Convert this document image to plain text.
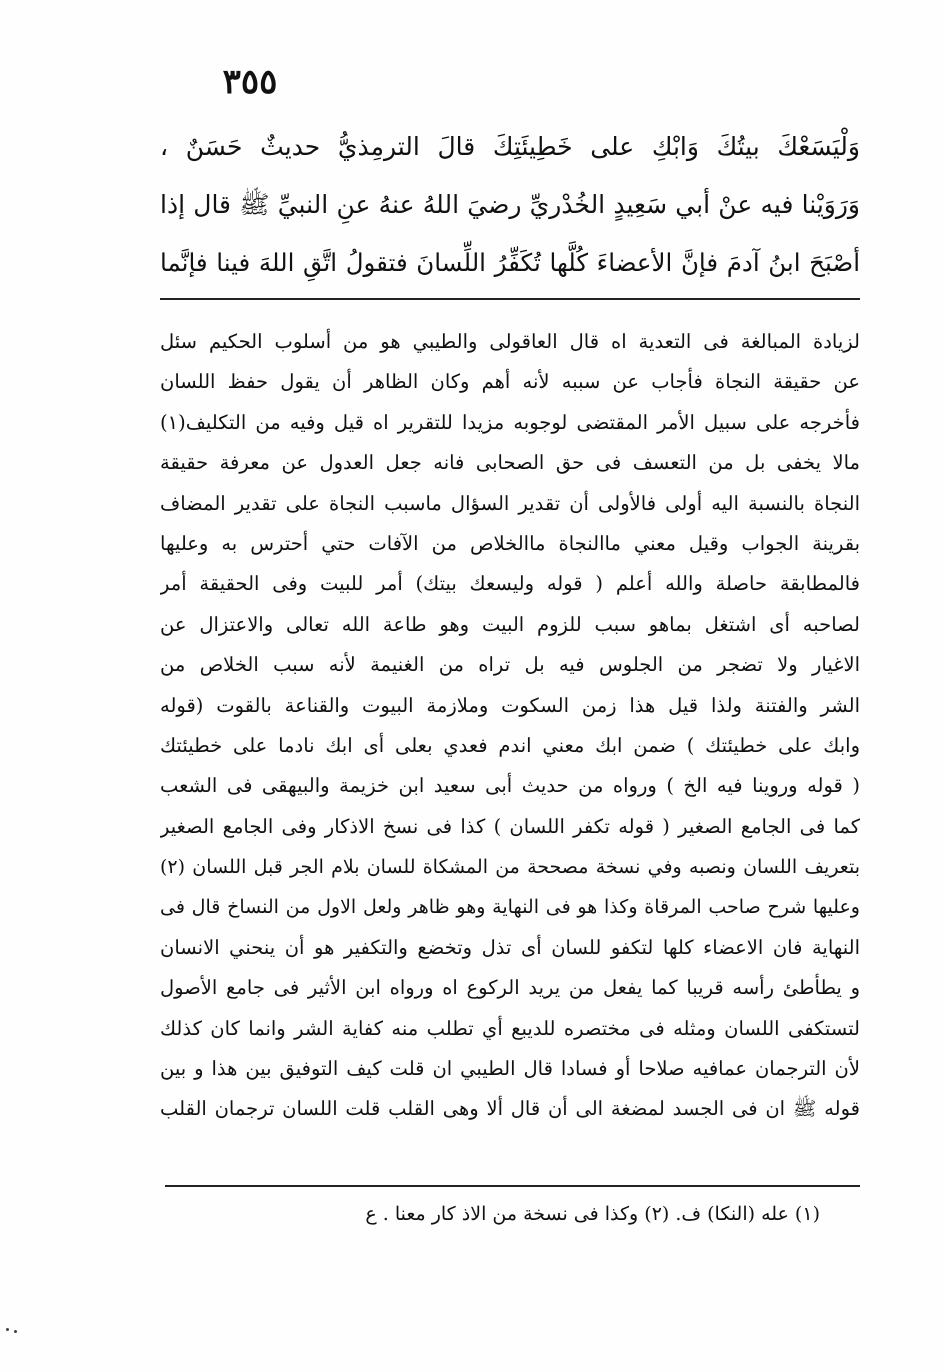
٣٥٥
وَلْيَسَعْكَ بيتُكَ وَابْكِ على خَطِيئَتِكَ قالَ الترمِذيُّ حديثٌ حَسَنٌ ،
وَرَوَيْنا فيه عنْ أبي سَعِيدٍ الخُدْريِّ رضيَ اللهُ عنهُ عنِ النبيِّ ﷺ قال إذا
أصْبَحَ ابنُ آدمَ فإنَّ الأعضاءَ كُلَّها تُكَفِّرُ اللِّسانَ فتقولُ اتَّقِ اللهَ فينا فإنَّما
لزيادة المبالغة فى التعدية اه قال العاقولى والطيبي هو من أسلوب الحكيم سئل
عن حقيقة النجاة فأجاب عن سببه لأنه أهم وكان الظاهر أن يقول حفظ اللسان
فأخرجه على سبيل الأمر المقتضى لوجوبه مزيدا للتقرير اه قيل وفيه من التكليف(١)
مالا يخفى بل من التعسف فى حق الصحابى فانه جعل العدول عن معرفة حقيقة
النجاة بالنسبة اليه أولى فالأولى أن تقدير السؤال ماسبب النجاة على تقدير المضاف
بقرينة الجواب وقيل معني ماالنجاة ماالخلاص من الآفات حتي أحترس به وعليها
فالمطابقة حاصلة والله أعلم ( قوله وليسعك بيتك) أمر للبيت وفى الحقيقة أمر
لصاحبه أى اشتغل بماهو سبب للزوم البيت وهو طاعة الله تعالى والاعتزال عن
الاغيار ولا تضجر من الجلوس فيه بل تراه من الغنيمة لأنه سبب الخلاص من
الشر والفتنة ولذا قيل هذا زمن السكوت وملازمة البيوت والقناعة بالقوت (قوله
وابك على خطيئتك ) ضمن ابك معني اندم فعدي بعلى أى ابك نادما على خطيئتك
( قوله وروينا فيه الخ ) ورواه من حديث أبى سعيد ابن خزيمة والبيهقى فى الشعب
كما فى الجامع الصغير ( قوله تكفر اللسان ) كذا فى نسخ الاذكار وفى الجامع الصغير
بتعريف اللسان ونصبه وفي نسخة مصححة من المشكاة للسان بلام الجر قبل اللسان (٢)
وعليها شرح صاحب المرقاة وكذا هو فى النهاية وهو ظاهر ولعل الاول من النساخ قال فى
النهاية فان الاعضاء كلها لتكفو للسان أى تذل وتخضع والتكفير هو أن ينحني الانسان
و يطأطئ رأسه قريبا كما يفعل من يريد الركوع اه ورواه ابن الأثير فى جامع الأصول
لتستكفى اللسان ومثله فى مختصره للديبع أي تطلب منه كفاية الشر وانما كان كذلك
لأن الترجمان عمافيه صلاحا أو فسادا قال الطيبي ان قلت كيف التوفيق بين هذا و بين
قوله ﷺ ان فى الجسد لمضغة الى أن قال ألا وهى القلب قلت اللسان ترجمان القلب
(١) عله (النكا) ف. (٢) وكذا فى نسخة من الاذ كار معنا . ع
